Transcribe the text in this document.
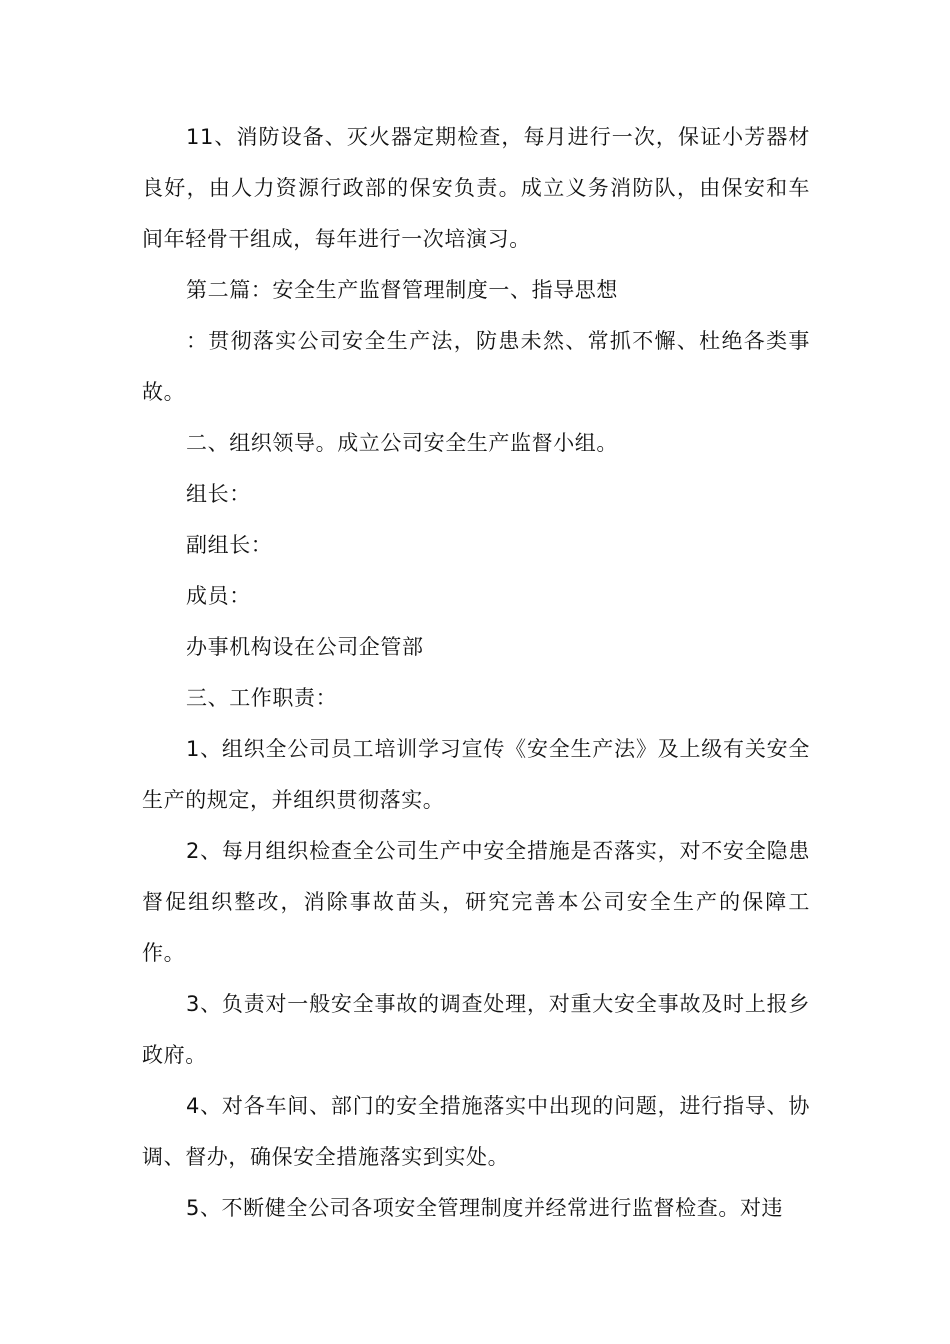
11、消防设备、灭火器定期检查，每月进行一次，保证小芳器材良好，由人力资源行政部的保安负责。成立义务消防队，由保安和车间年轻骨干组成，每年进行一次培演习。

第二篇：安全生产监督管理制度一、指导思想

：贯彻落实公司安全生产法，防患未然、常抓不懈、杜绝各类事故。

二、组织领导。成立公司安全生产监督小组。

组长：

副组长：

成员：

办事机构设在公司企管部

三、工作职责：

1、组织全公司员工培训学习宣传《安全生产法》及上级有关安全生产的规定，并组织贯彻落实。

2、每月组织检查全公司生产中安全措施是否落实，对不安全隐患督促组织整改，消除事故苗头，研究完善本公司安全生产的保障工作。

3、负责对一般安全事故的调查处理，对重大安全事故及时上报乡政府。

4、对各车间、部门的安全措施落实中出现的问题，进行指导、协调、督办，确保安全措施落实到实处。

5、不断健全公司各项安全管理制度并经常进行监督检查。对违
